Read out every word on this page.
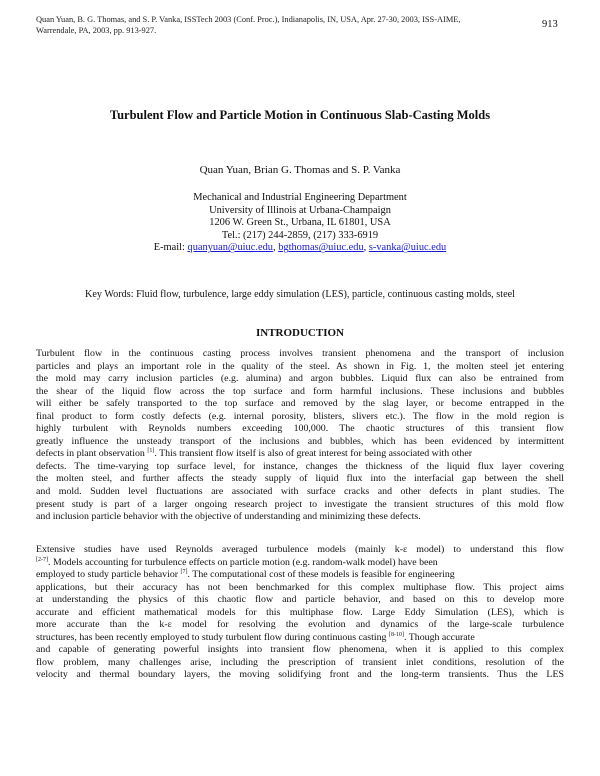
Quan Yuan, B. G. Thomas, and S. P. Vanka, ISSTech 2003 (Conf. Proc.), Indianapolis, IN, USA, Apr. 27-30, 2003, ISS-AIME,
Warrendale, PA, 2003, pp. 913-927.
913
Turbulent Flow and Particle Motion in Continuous Slab-Casting Molds
Quan Yuan, Brian G. Thomas and S. P. Vanka
Mechanical and Industrial Engineering Department
University of Illinois at Urbana-Champaign
1206 W. Green St., Urbana, IL 61801, USA
Tel.: (217) 244-2859, (217) 333-6919
E-mail: quanyuan@uiuc.edu, bgthomas@uiuc.edu, s-vanka@uiuc.edu
Key Words: Fluid flow, turbulence, large eddy simulation (LES), particle, continuous casting molds, steel
INTRODUCTION
Turbulent flow in the continuous casting process involves transient phenomena and the transport of inclusion
particles and plays an important role in the quality of the steel. As shown in Fig. 1, the molten steel jet entering
the mold may carry inclusion particles (e.g. alumina) and argon bubbles. Liquid flux can also be entrained from
the shear of the liquid flow across the top surface and form harmful inclusions. These inclusions and bubbles
will either be safely transported to the top surface and removed by the slag layer, or become entrapped in the
final product to form costly defects (e.g. internal porosity, blisters, slivers etc.). The flow in the mold region is
highly turbulent with Reynolds numbers exceeding 100,000. The chaotic structures of this transient flow
greatly influence the unsteady transport of the inclusions and bubbles, which has been evidenced by intermittent
defects in plant observation [1]. This transient flow itself is also of great interest for being associated with other
defects. The time-varying top surface level, for instance, changes the thickness of the liquid flux layer covering
the molten steel, and further affects the steady supply of liquid flux into the interfacial gap between the shell
and mold. Sudden level fluctuations are associated with surface cracks and other defects in plant studies. The
present study is part of a larger ongoing research project to investigate the transient structures of this mold flow
and inclusion particle behavior with the objective of understanding and minimizing these defects.
Extensive studies have used Reynolds averaged turbulence models (mainly k-ε model) to understand this flow
[2-7]. Models accounting for turbulence effects on particle motion (e.g. random-walk model) have been
employed to study particle behavior [7]. The computational cost of these models is feasible for engineering
applications, but their accuracy has not been benchmarked for this complex multiphase flow. This project aims
at understanding the physics of this chaotic flow and particle behavior, and based on this to develop more
accurate and efficient mathematical models for this multiphase flow. Large Eddy Simulation (LES), which is
more accurate than the k-ε model for resolving the evolution and dynamics of the large-scale turbulence
structures, has been recently employed to study turbulent flow during continuous casting [8-10]. Though accurate
and capable of generating powerful insights into transient flow phenomena, when it is applied to this complex
flow problem, many challenges arise, including the prescription of transient inlet conditions, resolution of the
velocity and thermal boundary layers, the moving solidifying front and the long-term transients. Thus the LES
